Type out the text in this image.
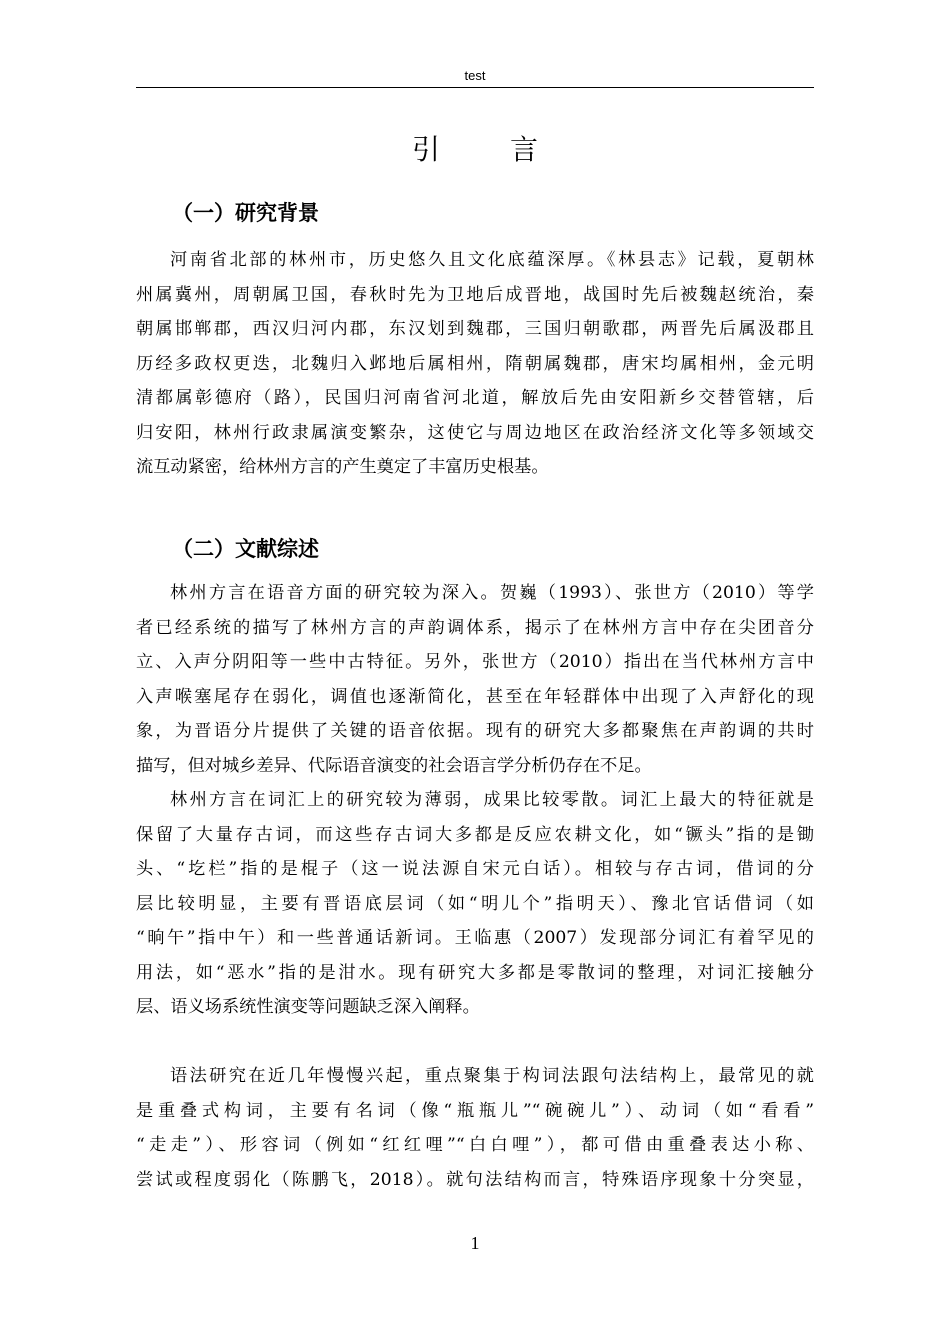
test
引	言
（一）研究背景
河南省北部的林州市，历史悠久且文化底蕴深厚。《林县志》记载，夏朝林
州属冀州，周朝属卫国，春秋时先为卫地后成晋地，战国时先后被魏赵统治，秦
朝属邯郸郡，西汉归河内郡，东汉划到魏郡，三国归朝歌郡，两晋先后属汲郡且
历经多政权更迭，北魏归入邺地后属相州，隋朝属魏郡，唐宋均属相州，金元明
清都属彰德府（路），民国归河南省河北道，解放后先由安阳新乡交替管辖，后
归安阳，林州行政隶属演变繁杂，这使它与周边地区在政治经济文化等多领域交
流互动紧密，给林州方言的产生奠定了丰富历史根基。
（二）文献综述
林州方言在语音方面的研究较为深入。贺巍（1993）、张世方（2010）等学
者已经系统的描写了林州方言的声韵调体系，揭示了在林州方言中存在尖团音分
立、入声分阴阳等一些中古特征。另外，张世方（2010）指出在当代林州方言中
入声喉塞尾存在弱化，调值也逐渐简化，甚至在年轻群体中出现了入声舒化的现
象，为晋语分片提供了关键的语音依据。现有的研究大多都聚焦在声韵调的共时
描写，但对城乡差异、代际语音演变的社会语言学分析仍存在不足。
林州方言在词汇上的研究较为薄弱，成果比较零散。词汇上最大的特征就是
保留了大量存古词，而这些存古词大多都是反应农耕文化，如“镢头”指的是锄
头、“圪栏”指的是棍子（这一说法源自宋元白话）。相较与存古词，借词的分
层比较明显，主要有晋语底层词（如“明儿个”指明天）、豫北官话借词（如
“晌午”指中午）和一些普通话新词。王临惠（2007）发现部分词汇有着罕见的
用法，如“恶水”指的是泔水。现有研究大多都是零散词的整理，对词汇接触分
层、语义场系统性演变等问题缺乏深入阐释。
语法研究在近几年慢慢兴起，重点聚集于构词法跟句法结构上，最常见的就
是重叠式构词，主要有名词（像“瓶瓶儿”“碗碗儿”）、动词（如“看看”
“走走”）、形容词（例如“红红哩”“白白哩”），都可借由重叠表达小称、
尝试或程度弱化（陈鹏飞，2018）。就句法结构而言，特殊语序现象十分突显，
1
